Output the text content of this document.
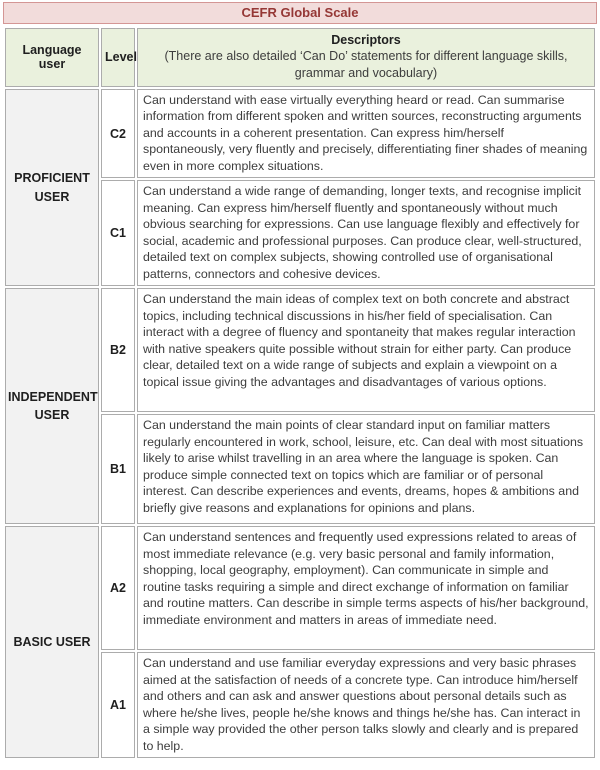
CEFR Global Scale
Language user	Level	Descriptors
(There are also detailed ‘Can Do’ statements for different language skills, grammar and vocabulary)

PROFICIENT USER	C2	Can understand with ease virtually everything heard or read. Can summarise information from different spoken and written sources, reconstructing arguments and accounts in a coherent presentation. Can express him/herself spontaneously, very fluently and precisely, differentiating finer shades of meaning even in more complex situations.
	C1	Can understand a wide range of demanding, longer texts, and recognise implicit meaning. Can express him/herself fluently and spontaneously without much obvious searching for expressions. Can use language flexibly and effectively for social, academic and professional purposes. Can produce clear, well-structured, detailed text on complex subjects, showing controlled use of organisational patterns, connectors and cohesive devices.
INDEPENDENT USER	B2	Can understand the main ideas of complex text on both concrete and abstract topics, including technical discussions in his/her field of specialisation. Can interact with a degree of fluency and spontaneity that makes regular interaction with native speakers quite possible without strain for either party. Can produce clear, detailed text on a wide range of subjects and explain a viewpoint on a topical issue giving the advantages and disadvantages of various options.
	B1	Can understand the main points of clear standard input on familiar matters regularly encountered in work, school, leisure, etc. Can deal with most situations likely to arise whilst travelling in an area where the language is spoken. Can produce simple connected text on topics which are familiar or of personal interest. Can describe experiences and events, dreams, hopes & ambitions and briefly give reasons and explanations for opinions and plans.
BASIC USER	A2	Can understand sentences and frequently used expressions related to areas of most immediate relevance (e.g. very basic personal and family information, shopping, local geography, employment). Can communicate in simple and routine tasks requiring a simple and direct exchange of information on familiar and routine matters. Can describe in simple terms aspects of his/her background, immediate environment and matters in areas of immediate need.
	A1	Can understand and use familiar everyday expressions and very basic phrases aimed at the satisfaction of needs of a concrete type. Can introduce him/herself and others and can ask and answer questions about personal details such as where he/she lives, people he/she knows and things he/she has. Can interact in a simple way provided the other person talks slowly and clearly and is prepared to help.
